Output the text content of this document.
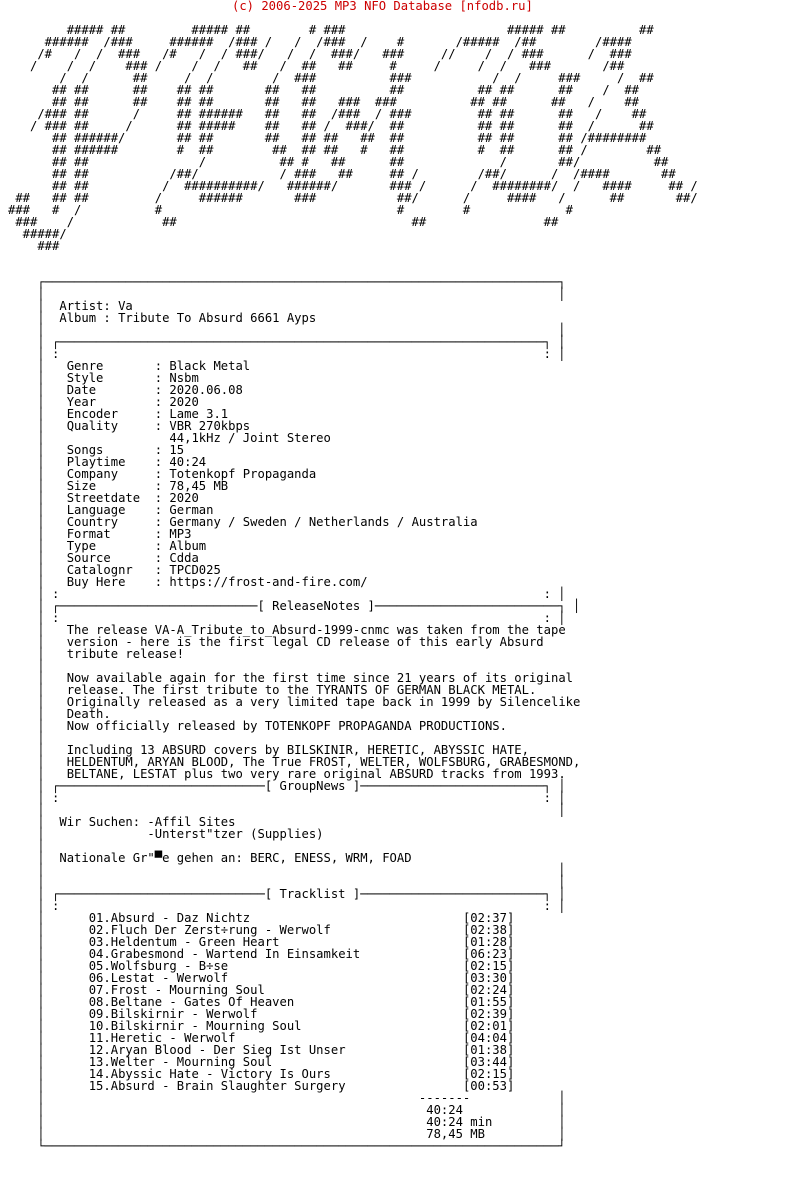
(c) 2006-2025 MP3 NFO Database [nfodb.ru]

##### ##         ##### ##        # ###                      ##### ##          ##
######  /###     ######  /### /   /  /###  /    #       /#####  /##        /####
/#   /  /  ###   /#   /  / ###/   /  /  ###/   ###     //    /  / ###      /  ###
/    /  /    ### /    /  /   ##   /  ##   ##     #     /     /  /   ###       /##
/  /      ##     /  /        /  ###          ###           /  /     ###     /  ##
## ##      ##    ## ##       ##   ##          ##          ## ##      ##    /  ##
## ##      ##    ## ##       ##   ##   ###  ###          ## ##      ##   /    ##
/### ##      /     ## ######   ##   ##  /###  / ###         ## ##      ##   /    ##
/ ### ##     /      ## #####    ##   ## /  ###/  ##          ## ##      ##  /      ##
## ######/       ## ##       ##   ## ##   ##  ##          ## ##      ## /########
## ######        #  ##        ##  ## ##   #   ##          #  ##      ## /        ##
## ##               /          ## #   ##      ##             /       ##/          ##
## ##           /##/           / ###   ##     ## /        /##/      /  /####       ##
## ##          /  ##########/   ######/       ### /      /  ########/  /   ####     ## /
##   ## ##         /     ######       ###           ##/      /     ####   /      ##       ##/
###   #  /          #                                #        #             #
###    /            ##                                ##                ##
#####/
###

┌──────────────────────────────────────────────────────────────────────┐
│                                                                      │
│  Artist: Va
│  Album : Tribute To Absurd 6661 Ayps
│                                                                      │
│ ┌──────────────────────────────────────────────────────────────────┐ │
│ :                                                                  : │
│   Genre       : Black Metal
│   Style       : Nsbm
│   Date        : 2020.06.08
│   Year        : 2020
│   Encoder     : Lame 3.1
│   Quality     : VBR 270kbps
│                 44,1kHz / Joint Stereo
│   Songs       : 15
│   Playtime    : 40:24
│   Company     : Totenkopf Propaganda
│   Size        : 78,45 MB
│   Streetdate  : 2020
│   Language    : German
│   Country     : Germany / Sweden / Netherlands / Australia
│   Format      : MP3
│   Type        : Album
│   Source      : Cdda
│   Catalognr   : TPCD025
│   Buy Here    : https://frost-and-fire.com/
│ :                                                                  : │
│ ┌───────────────────────────[ ReleaseNotes ]─────────────────────────┐ │
│ :                                                                  : │
│   The release VA-A_Tribute_to_Absurd-1999-cnmc was taken from the tape
│   version - here is the first legal CD release of this early Absurd
│   tribute release!
│
│   Now available again for the first time since 21 years of its original
│   release. The first tribute to the TYRANTS OF GERMAN BLACK METAL.
│   Originally released as a very limited tape back in 1999 by Silencelike
│   Death.
│   Now officially released by TOTENKOPF PROPAGANDA PRODUCTIONS.
│
│   Including 13 ABSURD covers by BILSKINIR, HERETIC, ABYSSIC HATE,
│   HELDENTUM, ARYAN BLOOD, The True FROST, WELTER, WOLFSBURG, GRABESMOND,
│   BELTANE, LESTAT plus two very rare original ABSURD tracks from 1993.
│ ┌────────────────────────────[ GroupNews ]─────────────────────────┐ │
│ :                                                                  : │
│                                                                      │
│  Wir Suchen: -Affil Sites
│              -Unterst"tzer (Supplies)
│
│  Nationale Gr"▀e gehen an: BERC, ENESS, WRM, FOAD
│                                                                      │
│                                                                      │
│ ┌────────────────────────────[ Tracklist ]─────────────────────────┐ │
│ :                                                                  : │
│      01.Absurd - Daz Nichtz	[02:37]
│      02.Fluch Der Zerst÷rung - Werwolf	[02:38]
│      03.Heldentum - Green Heart	[01:28]
│      04.Grabesmond - Wartend In Einsamkeit	[06:23]
│      05.Wolfsburg - B÷se	[02:15]
│      06.Lestat - Werwolf	[03:30]
│      07.Frost - Mourning Soul	[02:24]
│      08.Beltane - Gates Of Heaven	[01:55]
│      09.Bilskirnir - Werwolf	[02:39]
│      10.Bilskirnir - Mourning Soul	[02:01]
│      11.Heretic - Werwolf	[04:04]
│      12.Aryan Blood - Der Sieg Ist Unser	[01:38]
│      13.Welter - Mourning Soul	[03:44]
│      14.Abyssic Hate - Victory Is Ours	[02:15]
│      15.Absurd - Brain Slaughter Surgery	[00:53]
│                                                   -------	│
│	40:24	│
│	40:24 min	│
│	78,45 MB	│
└──────────────────────────────────────────────────────────────────────┘
